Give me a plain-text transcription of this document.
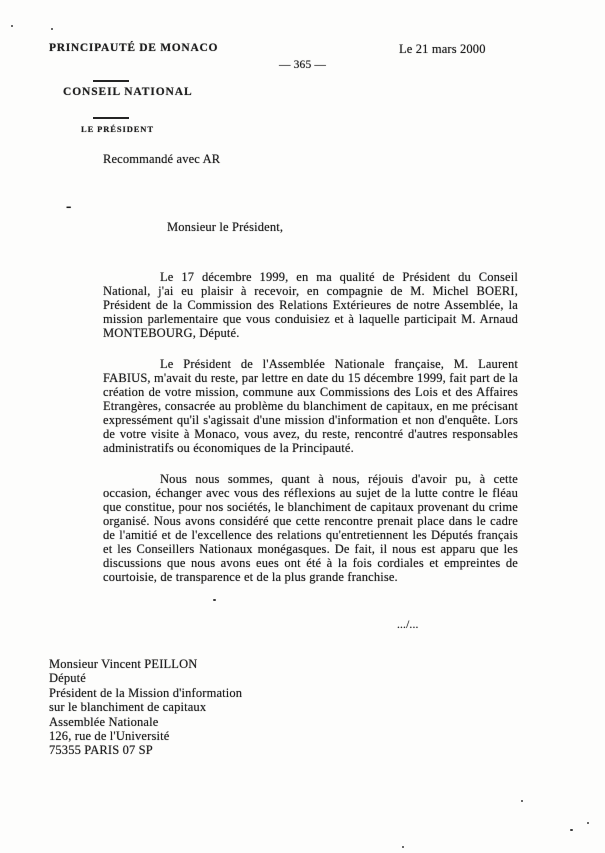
PRINCIPAUTÉ DE MONACO	Le 21 mars 2000
— 365 —
CONSEIL NATIONAL
LE PRÉSIDENT
Recommandé avec AR
-
Monsieur le Président,

Le 17 décembre 1999, en ma qualité de Président du Conseil National, j'ai eu plaisir à recevoir, en compagnie de M. Michel BOERI, Président de la Commission des Relations Extérieures de notre Assemblée, la mission parlementaire que vous conduisiez et à laquelle participait M. Arnaud MONTEBOURG, Député.

Le Président de l'Assemblée Nationale française, M. Laurent FABIUS, m'avait du reste, par lettre en date du 15 décembre 1999, fait part de la création de votre mission, commune aux Commissions des Lois et des Affaires Etrangères, consacrée au problème du blanchiment de capitaux, en me précisant expressément qu'il s'agissait d'une mission d'information et non d'enquête. Lors de votre visite à Monaco, vous avez, du reste, rencontré d'autres responsables administratifs ou économiques de la Principauté.

Nous nous sommes, quant à nous, réjouis d'avoir pu, à cette occasion, échanger avec vous des réflexions au sujet de la lutte contre le fléau que constitue, pour nos sociétés, le blanchiment de capitaux provenant du crime organisé. Nous avons considéré que cette rencontre prenait place dans le cadre de l'amitié et de l'excellence des relations qu'entretiennent les Députés français et les Conseillers Nationaux monégasques. De fait, il nous est apparu que les discussions que nous avons eues ont été à la fois cordiales et empreintes de courtoisie, de transparence et de la plus grande franchise.

.../...
Monsieur Vincent PEILLON
Député
Président de la Mission d'information
sur le blanchiment de capitaux
Assemblée Nationale
126, rue de l'Université
75355 PARIS 07 SP
